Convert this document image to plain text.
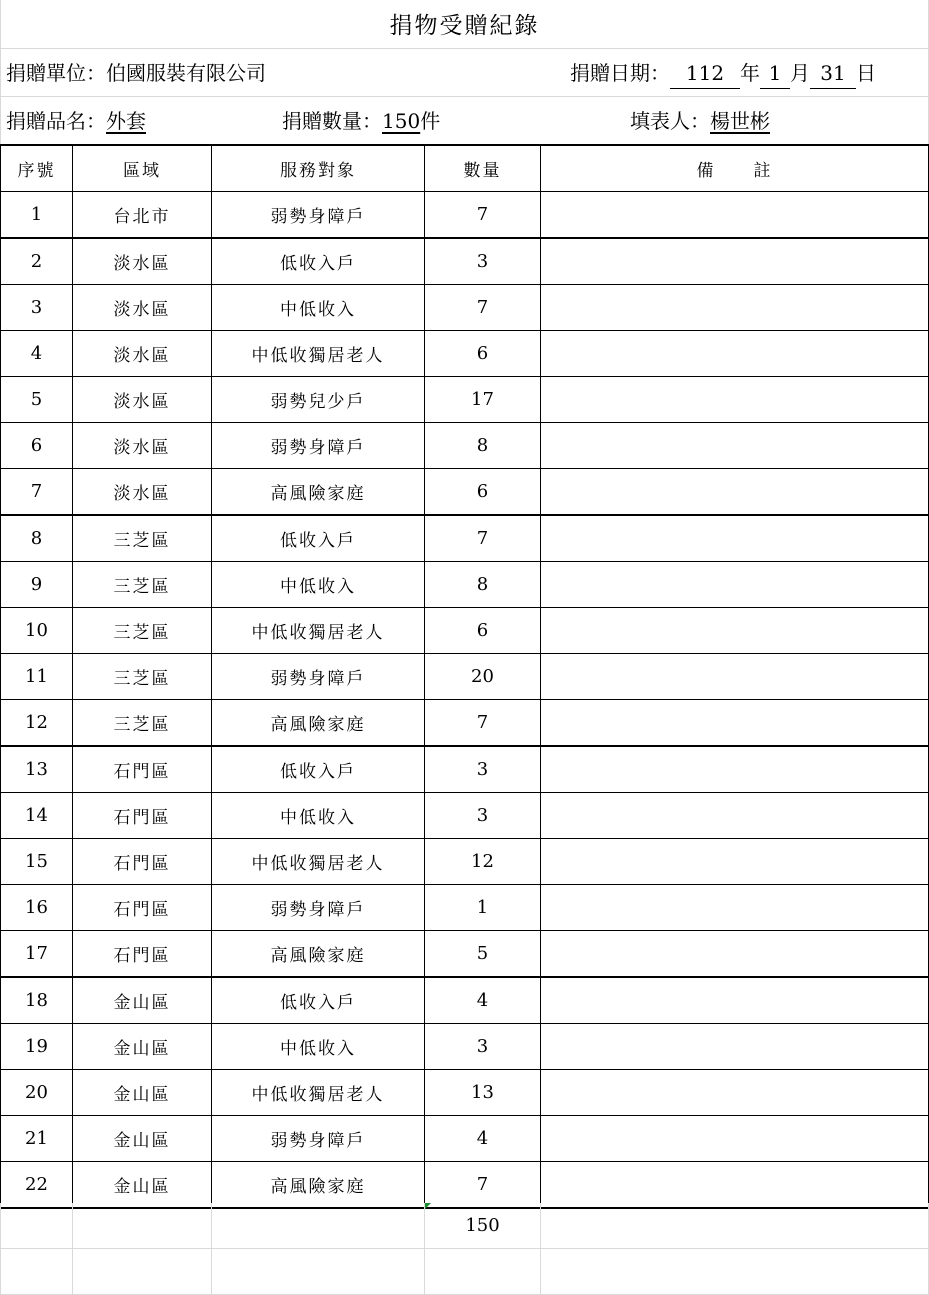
捐物受贈紀錄
捐贈單位：伯國服裝有限公司	捐贈日期： 112 年 1 月 31 日
捐贈品名：外套	捐贈數量：150件	填表人：楊世彬
序號	區域	服務對象	數量	備　　註
1	台北市	弱勢身障戶	7	
2	淡水區	低收入戶	3	
3	淡水區	中低收入	7	
4	淡水區	中低收獨居老人	6	
5	淡水區	弱勢兒少戶	17	
6	淡水區	弱勢身障戶	8	
7	淡水區	高風險家庭	6	
8	三芝區	低收入戶	7	
9	三芝區	中低收入	8	
10	三芝區	中低收獨居老人	6	
11	三芝區	弱勢身障戶	20	
12	三芝區	高風險家庭	7	
13	石門區	低收入戶	3	
14	石門區	中低收入	3	
15	石門區	中低收獨居老人	12	
16	石門區	弱勢身障戶	1	
17	石門區	高風險家庭	5	
18	金山區	低收入戶	4	
19	金山區	中低收入	3	
20	金山區	中低收獨居老人	13	
21	金山區	弱勢身障戶	4	
22	金山區	高風險家庭	7	
			150	
